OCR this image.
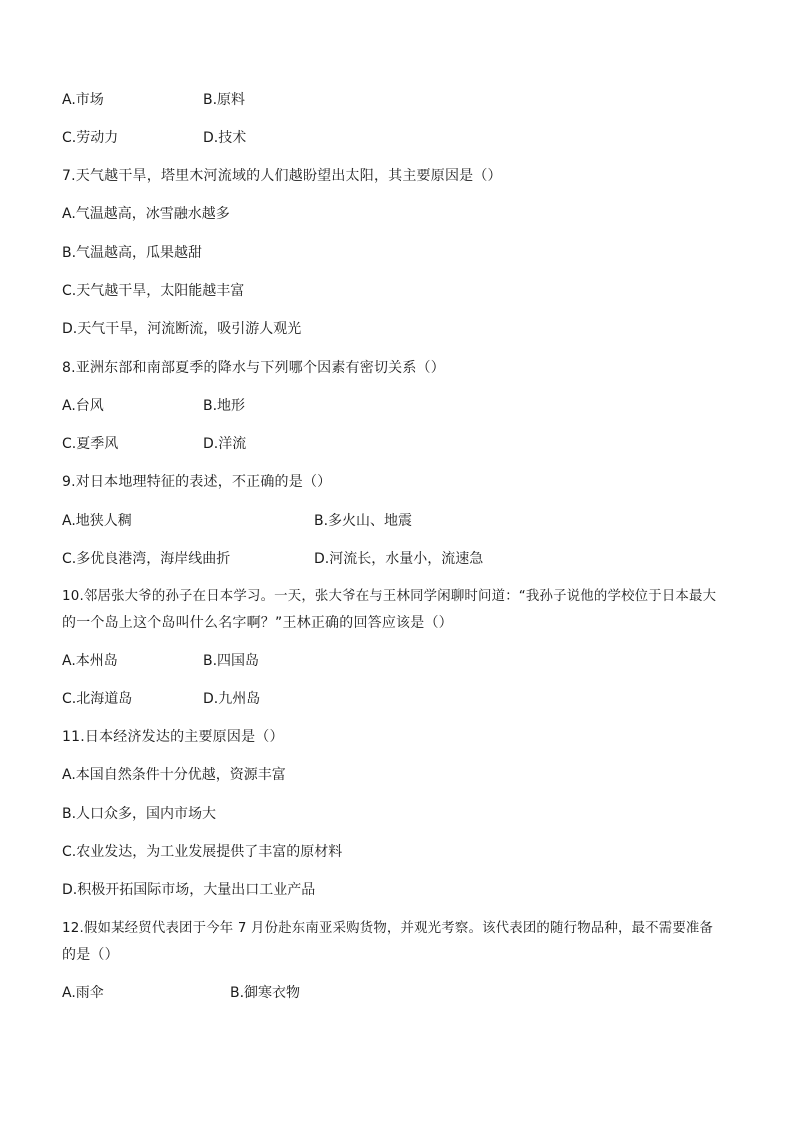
A.市场	B.原料
C.劳动力	D.技术
7.天气越干旱，塔里木河流域的人们越盼望出太阳，其主要原因是（）
A.气温越高，冰雪融水越多
B.气温越高，瓜果越甜
C.天气越干旱，太阳能越丰富
D.天气干旱，河流断流，吸引游人观光
8.亚洲东部和南部夏季的降水与下列哪个因素有密切关系（）
A.台风	B.地形
C.夏季风	D.洋流
9.对日本地理特征的表述，不正确的是（）
A.地狭人稠	B.多火山、地震
C.多优良港湾，海岸线曲折	D.河流长，水量小，流速急
10.邻居张大爷的孙子在日本学习。一天，张大爷在与王林同学闲聊时问道：“我孙子说他的学校位于日本最大
的一个岛上这个岛叫什么名字啊？”王林正确的回答应该是（）
A.本州岛	B.四国岛
C.北海道岛	D.九州岛
11.日本经济发达的主要原因是（）
A.本国自然条件十分优越，资源丰富
B.人口众多，国内市场大
C.农业发达，为工业发展提供了丰富的原材料
D.积极开拓国际市场，大量出口工业产品
12.假如某经贸代表团于今年 7 月份赴东南亚采购货物，并观光考察。该代表团的随行物品种，最不需要准备
的是（）
A.雨伞	B.御寒衣物
